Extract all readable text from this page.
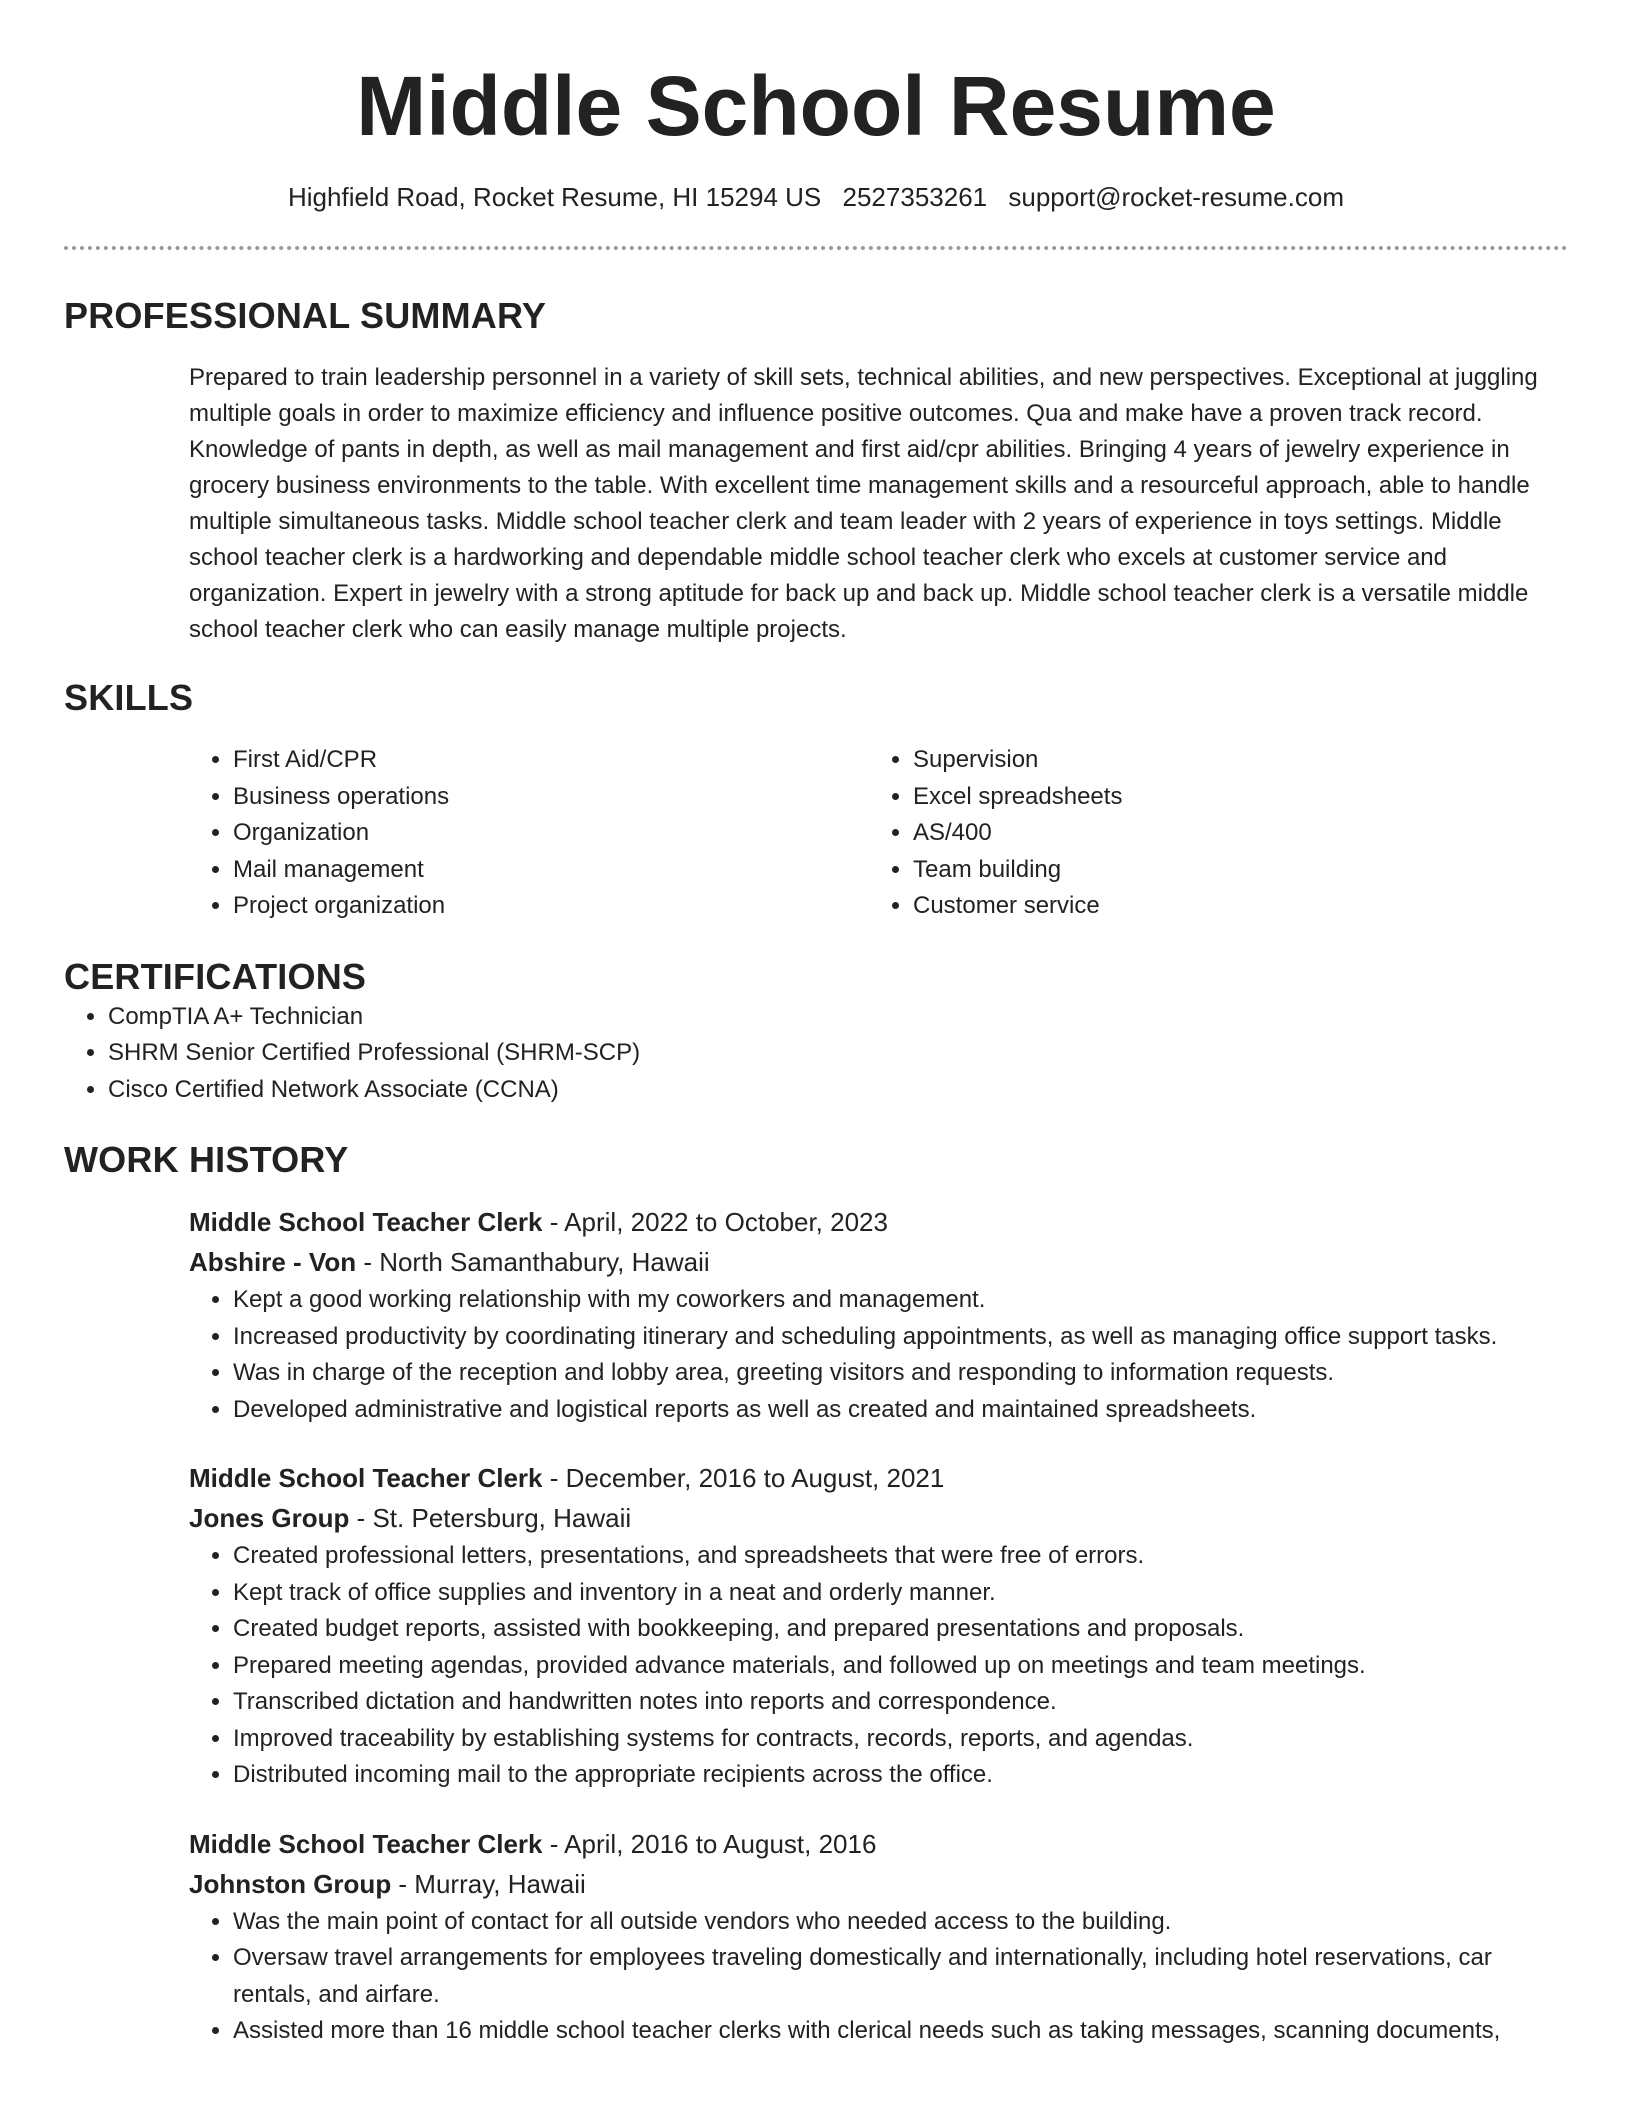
Middle School Resume
Highfield Road, Rocket Resume, HI 15294 US 2527353261 support@rocket-resume.com
PROFESSIONAL SUMMARY

Prepared to train leadership personnel in a variety of skill sets, technical abilities, and new perspectives. Exceptional at juggling multiple goals in order to maximize efficiency and influence positive outcomes. Qua and make have a proven track record. Knowledge of pants in depth, as well as mail management and first aid/cpr abilities. Bringing 4 years of jewelry experience in grocery business environments to the table. With excellent time management skills and a resourceful approach, able to handle multiple simultaneous tasks. Middle school teacher clerk and team leader with 2 years of experience in toys settings. Middle school teacher clerk is a hardworking and dependable middle school teacher clerk who excels at customer service and organization. Expert in jewelry with a strong aptitude for back up and back up. Middle school teacher clerk is a versatile middle school teacher clerk who can easily manage multiple projects.

SKILLS
• First Aid/CPR
• Business operations
• Organization
• Mail management
• Project organization
• Supervision
• Excel spreadsheets
• AS/400
• Team building
• Customer service
CERTIFICATIONS
• CompTIA A+ Technician
• SHRM Senior Certified Professional (SHRM-SCP)
• Cisco Certified Network Associate (CCNA)
WORK HISTORY
Middle School Teacher Clerk - April, 2022 to October, 2023
Abshire - Von - North Samanthabury, Hawaii
• Kept a good working relationship with my coworkers and management.
• Increased productivity by coordinating itinerary and scheduling appointments, as well as managing office support tasks.
• Was in charge of the reception and lobby area, greeting visitors and responding to information requests.
• Developed administrative and logistical reports as well as created and maintained spreadsheets.
Middle School Teacher Clerk - December, 2016 to August, 2021
Jones Group - St. Petersburg, Hawaii
• Created professional letters, presentations, and spreadsheets that were free of errors.
• Kept track of office supplies and inventory in a neat and orderly manner.
• Created budget reports, assisted with bookkeeping, and prepared presentations and proposals.
• Prepared meeting agendas, provided advance materials, and followed up on meetings and team meetings.
• Transcribed dictation and handwritten notes into reports and correspondence.
• Improved traceability by establishing systems for contracts, records, reports, and agendas.
• Distributed incoming mail to the appropriate recipients across the office.
Middle School Teacher Clerk - April, 2016 to August, 2016
Johnston Group - Murray, Hawaii
• Was the main point of contact for all outside vendors who needed access to the building.
• Oversaw travel arrangements for employees traveling domestically and internationally, including hotel reservations, car rentals, and airfare.
• Assisted more than 16 middle school teacher clerks with clerical needs such as taking messages, scanning documents,
